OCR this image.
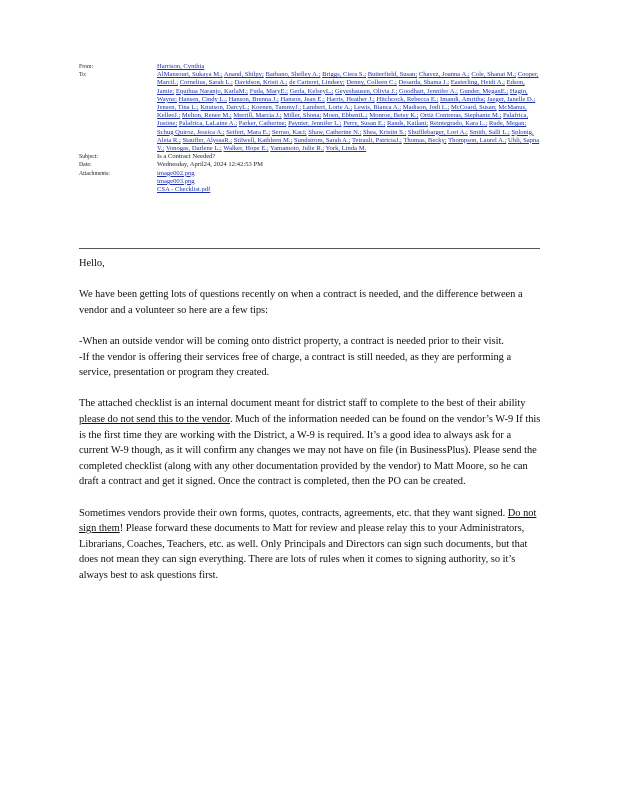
From:	Harrison, Cynthia
To:	AlMansouri, Sukaya M.; Anand, Shilpy; Barbano, Shelley A.; Briggs, Ciera S.; Butterfield, Susan; Chavez, Joanna A.; Cole, Shanai M.; Cooper, Marcil.; Cornelius, Sarah L.; Davidson, Kristi A.; de Carteret, Lindsey; Denny, Colleen C.; Desarda, Shama J.; Easterling, Heidi A.; Edson, Jamie; Equihua Naranjo, KarlaM.; Fuda, MaryE.; Gerla, KelseyL.; Geyeshausen, Olivia J.; Goodhart, Jennifer A.; Gunder, MeganE.; Hagin, Wayne; Hansen, Cindy L.; Hanson, Brenna J.; Hanson, Jean E.; Harris, Heather J.; Hitchcock, Rebecca E.; Imandi, Amritha; Jaeger, Janelle D.; Jensen, Tina L.; Knutson, DarcyL.; Koenen, TammyJ.; Lambert, Lorie A.; Lewis, Bianca A.; Madison, Jodi L.; McCoard, Susan; McManus, KelleeJ.; Melton, Renee M.; Merrill, Marcia J.; Miller, Shona; Moen, EbbeniL.; Monroe, Betsy K.; Ortiz Contreras, Stephanie M.; Palafrica, Justine; Palafrica, LaLaine A.; Parker, Catherine; Paynter, Jennifer L.; Perry, Susan E.; Rands, Kailani; Reintegrado, Kara L.; Rude, Megan; Schug Quiroz, Jessica A.; Seifert, Mara E.; Serrao, Kaci; Shaw, Catherine N.; Shea, Kristin S.; Shufflebarger, Lori A.; Smith, Salli L.; Splonig, Aleta R.; Stauffer, AlyssaR.; Stilwell, Kathleen M.; Sundstrom, Sarah A.; Tetrault, PatriciaJ.; Thomas, Becky; Thompson, Laurel A.; Uhli, Sapna V.; Vonogas, Darlene L.; Walker, Hope E.; Yamamoto, Julie R.; York, Linda M.
Subject:	Is a Contract Needed?
Date:	Wednesday, April24, 2024 12:42:53 PM
Attachments:	image002.png
image003.png
CSA - Checklist.pdf

Hello,

We have been getting lots of questions recently on when a contract is needed, and the difference between a vendor and a volunteer so here are a few tips:

-When an outside vendor will be coming onto district property, a contract is needed prior to their visit.
-If the vendor is offering their services free of charge, a contract is still needed, as they are performing a service, presentation or program they created.

The attached checklist is an internal document meant for district staff to complete to the best of their ability please do not send this to the vendor. Much of the information needed can be found on the vendor’s W-9 If this is the first time they are working with the District, a W-9 is required. It’s a good idea to always ask for a current W-9 though, as it will confirm any changes we may not have on file (in BusinessPlus). Please send the completed checklist (along with any other documentation provided by the vendor) to Matt Moore, so he can draft a contract and get it signed. Once the contract is completed, then the PO can be created.

Sometimes vendors provide their own forms, quotes, contracts, agreements, etc. that they want signed. Do not sign them! Please forward these documents to Matt for review and please relay this to your Administrators, Librarians, Coaches, Teachers, etc. as well. Only Principals and Directors can sign such documents, but that does not mean they can sign everything. There are lots of rules when it comes to signing authority, so it’s always best to ask questions first.
